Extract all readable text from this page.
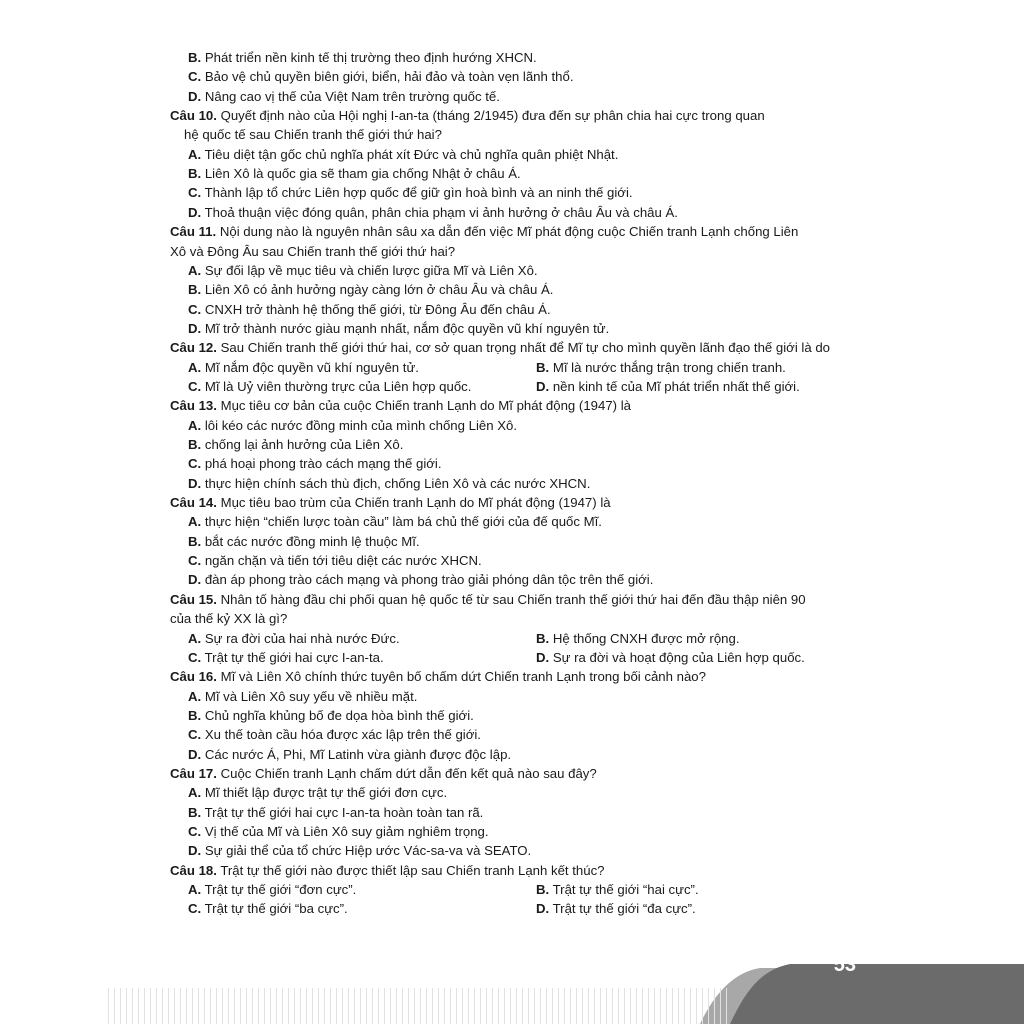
B. Phát triển nền kinh tế thị trường theo định hướng XHCN.
C. Bảo vệ chủ quyền biên giới, biển, hải đảo và toàn vẹn lãnh thổ.
D. Nâng cao vị thế của Việt Nam trên trường quốc tế.
Câu 10. Quyết định nào của Hội nghị I-an-ta (tháng 2/1945) đưa đến sự phân chia hai cực trong quan
hệ quốc tế sau Chiến tranh thế giới thứ hai?
A. Tiêu diệt tận gốc chủ nghĩa phát xít Đức và chủ nghĩa quân phiệt Nhật.
B. Liên Xô là quốc gia sẽ tham gia chống Nhật ở châu Á.
C. Thành lập tổ chức Liên hợp quốc để giữ gìn hoà bình và an ninh thế giới.
D. Thoả thuận việc đóng quân, phân chia phạm vi ảnh hưởng ở châu Âu và châu Á.
Câu 11. Nội dung nào là nguyên nhân sâu xa dẫn đến việc Mĩ phát động cuộc Chiến tranh Lạnh chống Liên
Xô và Đông Âu sau Chiến tranh thế giới thứ hai?
A. Sự đối lập về mục tiêu và chiến lược giữa Mĩ và Liên Xô.
B. Liên Xô có ảnh hưởng ngày càng lớn ở châu Âu và châu Á.
C. CNXH trở thành hệ thống thế giới, từ Đông Âu đến châu Á.
D. Mĩ trở thành nước giàu mạnh nhất, nắm độc quyền vũ khí nguyên tử.
Câu 12. Sau Chiến tranh thế giới thứ hai, cơ sở quan trọng nhất để Mĩ tự cho mình quyền lãnh đạo thế giới là do
A. Mĩ nắm độc quyền vũ khí nguyên tử.	B. Mĩ là nước thắng trận trong chiến tranh.
C. Mĩ là Uỷ viên thường trực của Liên hợp quốc.	D. nền kinh tế của Mĩ phát triển nhất thế giới.
Câu 13. Mục tiêu cơ bản của cuộc Chiến tranh Lạnh do Mĩ phát động (1947) là
A. lôi kéo các nước đồng minh của mình chống Liên Xô.
B. chống lại ảnh hưởng của Liên Xô.
C. phá hoại phong trào cách mạng thế giới.
D. thực hiện chính sách thù địch, chống Liên Xô và các nước XHCN.
Câu 14. Mục tiêu bao trùm của Chiến tranh Lạnh do Mĩ phát động (1947) là
A. thực hiện “chiến lược toàn cầu” làm bá chủ thế giới của đế quốc Mĩ.
B. bắt các nước đồng minh lệ thuộc Mĩ.
C. ngăn chặn và tiến tới tiêu diệt các nước XHCN.
D. đàn áp phong trào cách mạng và phong trào giải phóng dân tộc trên thế giới.
Câu 15. Nhân tố hàng đầu chi phối quan hệ quốc tế từ sau Chiến tranh thế giới thứ hai đến đầu thập niên 90
của thế kỷ XX là gì?
A. Sự ra đời của hai nhà nước Đức.	B. Hệ thống CNXH được mở rộng.
C. Trật tự thế giới hai cực I-an-ta.	D. Sự ra đời và hoạt động của Liên hợp quốc.
Câu 16. Mĩ và Liên Xô chính thức tuyên bố chấm dứt Chiến tranh Lạnh trong bối cảnh nào?
A. Mĩ và Liên Xô suy yếu về nhiều mặt.
B. Chủ nghĩa khủng bố đe dọa hòa bình thế giới.
C. Xu thế toàn cầu hóa được xác lập trên thế giới.
D. Các nước Á, Phi, Mĩ Latinh vừa giành được độc lập.
Câu 17. Cuộc Chiến tranh Lạnh chấm dứt dẫn đến kết quả nào sau đây?
A. Mĩ thiết lập được trật tự thế giới đơn cực.
B. Trật tự thế giới hai cực I-an-ta hoàn toàn tan rã.
C. Vị thế của Mĩ và Liên Xô suy giảm nghiêm trọng.
D. Sự giải thể của tổ chức Hiệp ước Vác-sa-va và SEATO.
Câu 18. Trật tự thế giới nào được thiết lập sau Chiến tranh Lạnh kết thúc?
A. Trật tự thế giới “đơn cực”.	B. Trật tự thế giới “hai cực”.
C. Trật tự thế giới “ba cực”.	D. Trật tự thế giới “đa cực”.
53
